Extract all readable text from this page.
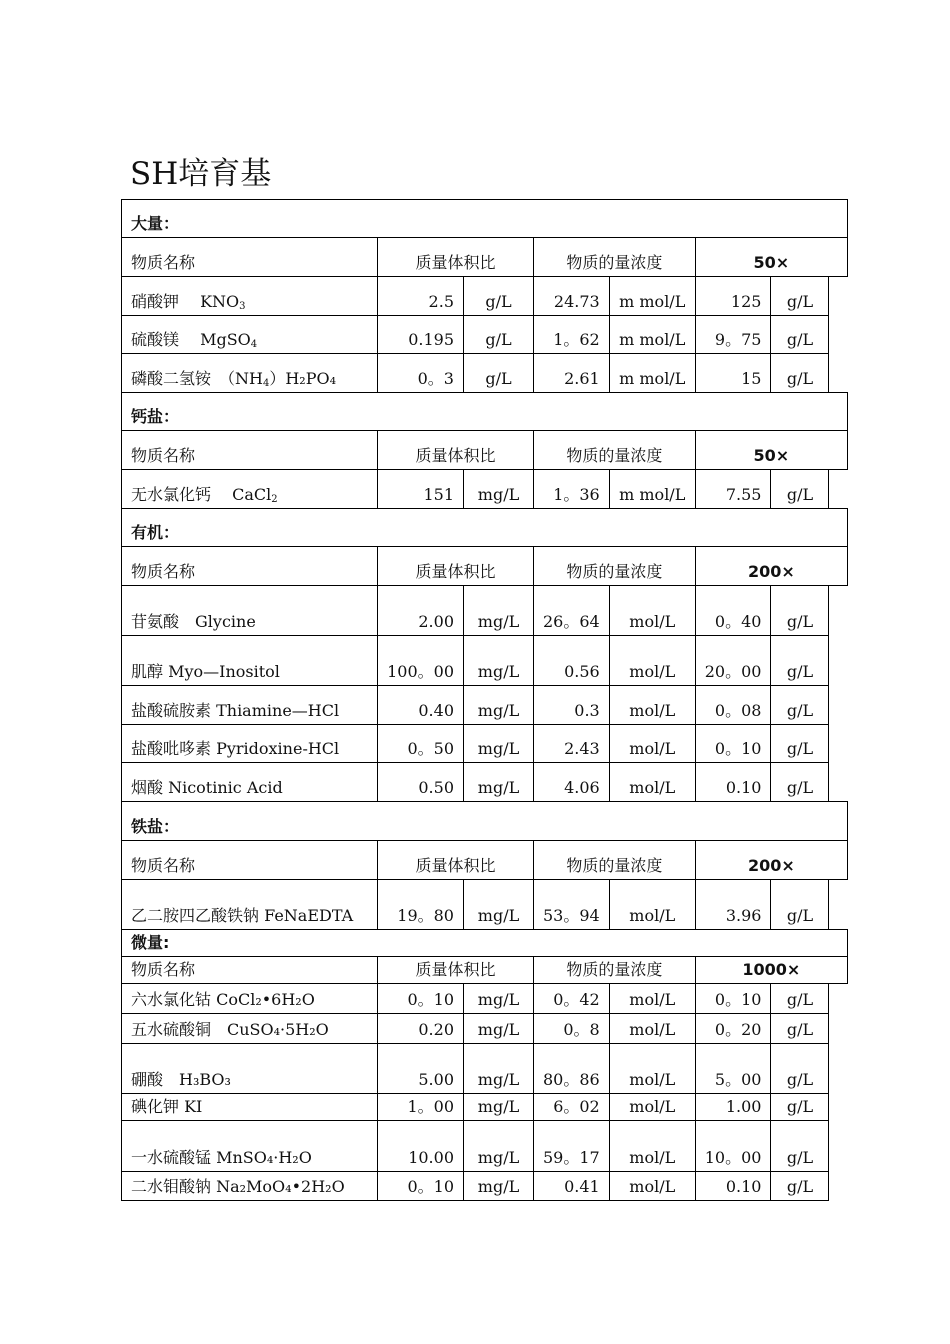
SH培育基
大量：							
物质名称	质量体积比		物质的量浓度		50×		
硝酸钾　 $KNO_3$	2.5	g/L	24.73	m mol/L	125	g/L	
硫酸镁　 MgSO$_4$	0.195	g/L	1。62	m mol/L	9。75	g/L	
磷酸二氢铵　$(NH_4)H_2PO_4$	0。3	g/L	2.61	m mol/L	15	g/L	
钙盐：							
物质名称	质量体积比		物质的量浓度		50×		
无水氯化钙　 CaCl$_2$	151	mg/L	1。36	m mol/L	7.55	g/L	
有机：							
物质名称	质量体积比		物质的量浓度		200×		
苷氨酸　Glycine	2.00	mg/L	26。64	mol/L	0。40	g/L	
肌醇 Myo—Inositol	100。00	mg/L	0.56	mol/L	20。00	g/L	
盐酸硫胺素 Thiamine—HCl	0.40	mg/L	0.3	mol/L	0。08	g/L	
盐酸吡哆素 Pyridoxine-HCl	0。50	mg/L	2.43	mol/L	0。10	g/L	
烟酸 Nicotinic Acid	0.50	mg/L	4.06	mol/L	0.10	g/L	
铁盐：							
物质名称	质量体积比		物质的量浓度		200×		
乙二胺四乙酸铁钠 FeNaEDTA	19。80	mg/L	53。94	mol/L	3.96	g/L	
微量:							
物质名称	质量体积比		物质的量浓度		1000×		
六水氯化钴 CoCl₂•6H₂O	0。10	mg/L	0。42	mol/L	0。10	g/L	
五水硫酸铜　CuSO₄·5H₂O	0.20	mg/L	0。8	mol/L	0。20	g/L	
硼酸　H₃BO₃	5.00	mg/L	80。86	mol/L	5。00	g/L	
碘化钾 KI	1。00	mg/L	6。02	mol/L	1.00	g/L	
一水硫酸锰 MnSO₄·H₂O	10.00	mg/L	59。17	mol/L	10。00	g/L	
二水钼酸钠 Na₂MoO₄•2H₂O	0。10	mg/L	0.41	mol/L	0.10	g/L	
